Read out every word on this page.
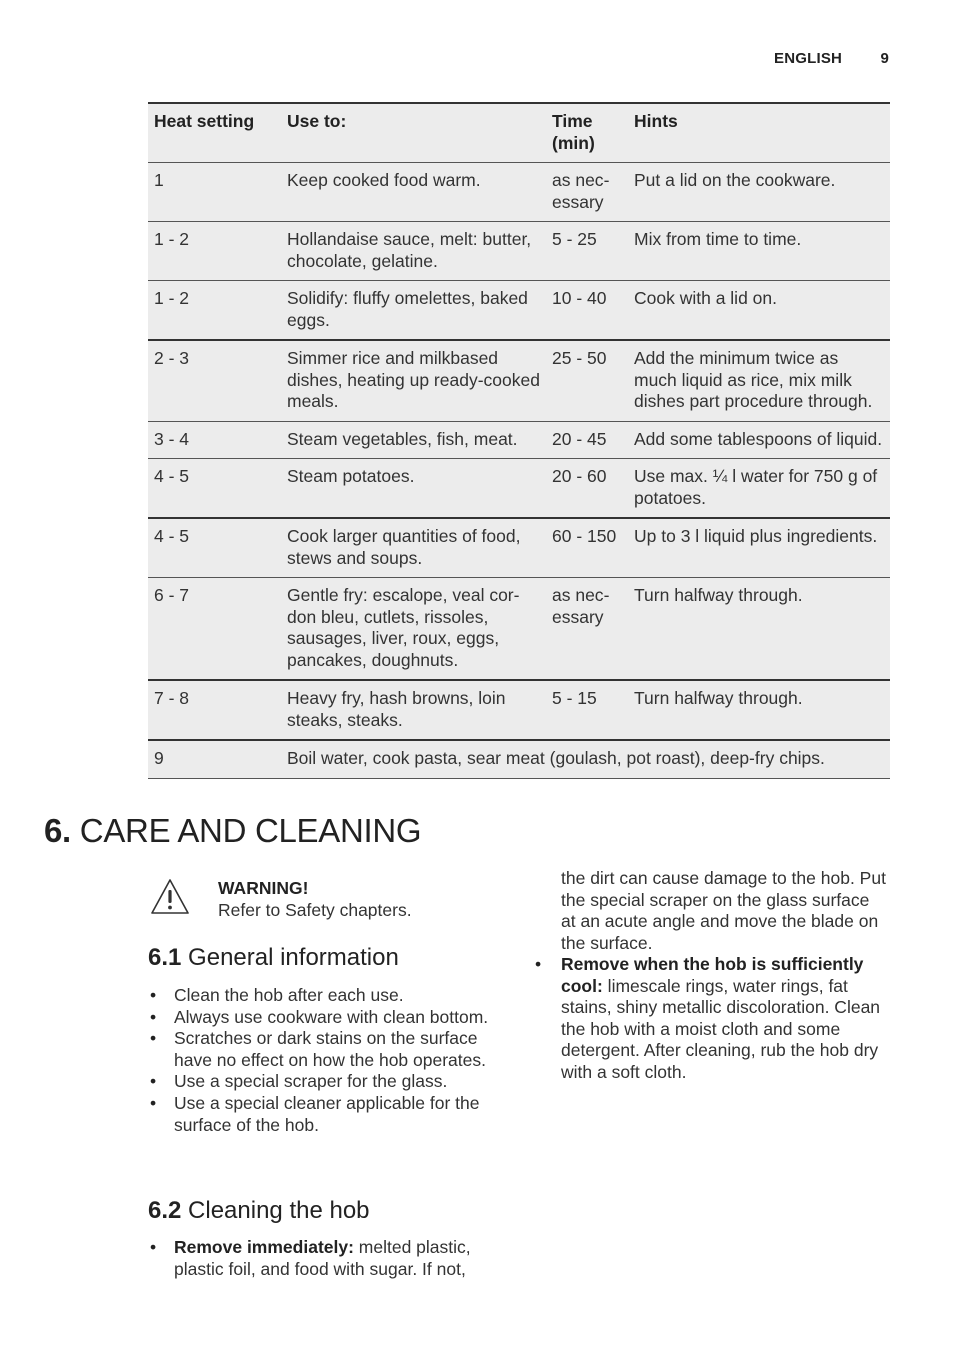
ENGLISH	9
Heat setting	Use to:	Time (min)	Hints
1	Keep cooked food warm.	as necessary	Put a lid on the cookware.
1 - 2	Hollandaise sauce, melt: butter, chocolate, gelatine.	5 - 25	Mix from time to time.
1 - 2	Solidify: fluffy omelettes, baked eggs.	10 - 40	Cook with a lid on.
2 - 3	Simmer rice and milkbased dishes, heating up ready-cooked meals.	25 - 50	Add the minimum twice as much liquid as rice, mix milk dishes part procedure through.
3 - 4	Steam vegetables, fish, meat.	20 - 45	Add some tablespoons of liquid.
4 - 5	Steam potatoes.	20 - 60	Use max. ¼ l water for 750 g of potatoes.
4 - 5	Cook larger quantities of food, stews and soups.	60 - 150	Up to 3 l liquid plus ingredients.
6 - 7	Gentle fry: escalope, veal cordon bleu, cutlets, rissoles, sausages, liver, roux, eggs, pancakes, doughnuts.	as necessary	Turn halfway through.
7 - 8	Heavy fry, hash browns, loin steaks, steaks.	5 - 15	Turn halfway through.
9	Boil water, cook pasta, sear meat (goulash, pot roast), deep-fry chips.		
6. CARE AND CLEANING
WARNING!
Refer to Safety chapters.
6.1 General information
• Clean the hob after each use.
• Always use cookware with clean bottom.
• Scratches or dark stains on the surface have no effect on how the hob operates.
• Use a special scraper for the glass.
• Use a special cleaner applicable for the surface of the hob.
6.2 Cleaning the hob
• Remove immediately: melted plastic, plastic foil, and food with sugar. If not,

the dirt can cause damage to the hob. Put the special scraper on the glass surface at an acute angle and move the blade on the surface.

• Remove when the hob is sufficiently cool: limescale rings, water rings, fat stains, shiny metallic discoloration. Clean the hob with a moist cloth and some detergent. After cleaning, rub the hob dry with a soft cloth.
